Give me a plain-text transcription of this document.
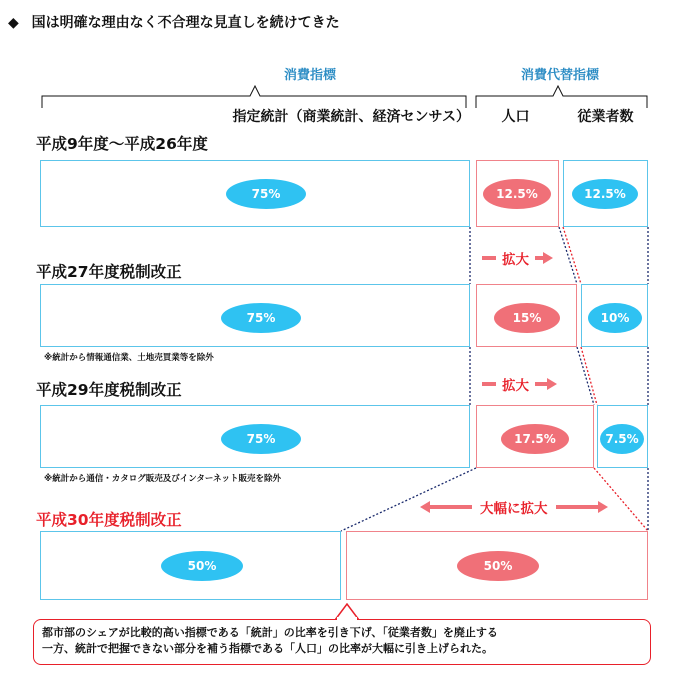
◆ 国は明確な理由なく不合理な見直しを続けてきた
消費指標	消費代替指標
指定統計（商業統計、経済センサス）	人口	従業者数
平成9年度～平成26年度
75%	12.5%	12.5%
拡大
平成27年度税制改正
75%	15%	10%
※統計から情報通信業、土地売買業等を除外
拡大
平成29年度税制改正
75%	17.5%	7.5%
※統計から通信・カタログ販売及びインターネット販売を除外
大幅に拡大
平成30年度税制改正
50%	50%
都市部のシェアが比較的高い指標である「統計」の比率を引き下げ、「従業者数」を廃止する
一方、統計で把握できない部分を補う指標である「人口」の比率が大幅に引き上げられた。
